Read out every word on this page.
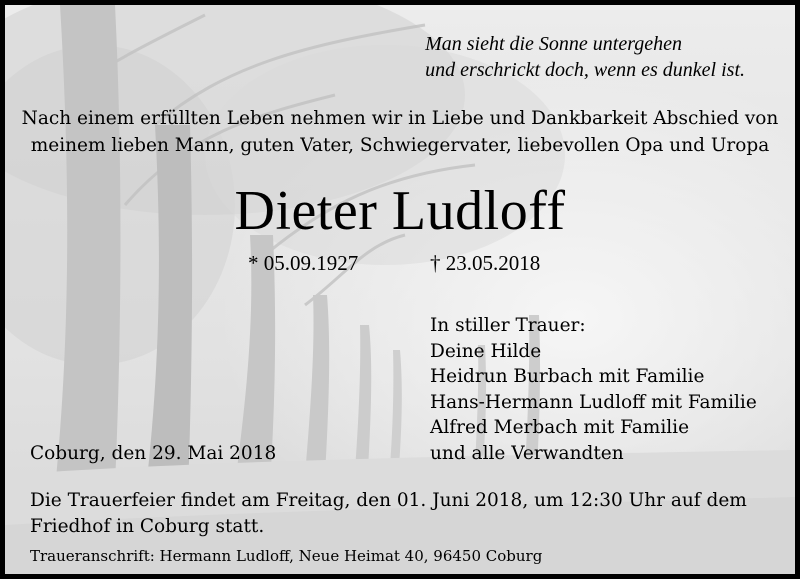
Man sieht die Sonne untergehen
und erschrickt doch, wenn es dunkel ist.
Nach einem erfüllten Leben nehmen wir in Liebe und Dankbarkeit Abschied von
meinem lieben Mann, guten Vater, Schwiegervater, liebevollen Opa und Uropa
Dieter Ludloff
* 05.09.1927	† 23.05.2018
In stiller Trauer:
Deine Hilde
Heidrun Burbach mit Familie
Hans-Hermann Ludloff mit Familie
Alfred Merbach mit Familie
und alle Verwandten
Coburg, den 29. Mai 2018
Die Trauerfeier findet am Freitag, den 01. Juni 2018, um 12:30 Uhr auf dem
Friedhof in Coburg statt.
Traueranschrift: Hermann Ludloff, Neue Heimat 40, 96450 Coburg
